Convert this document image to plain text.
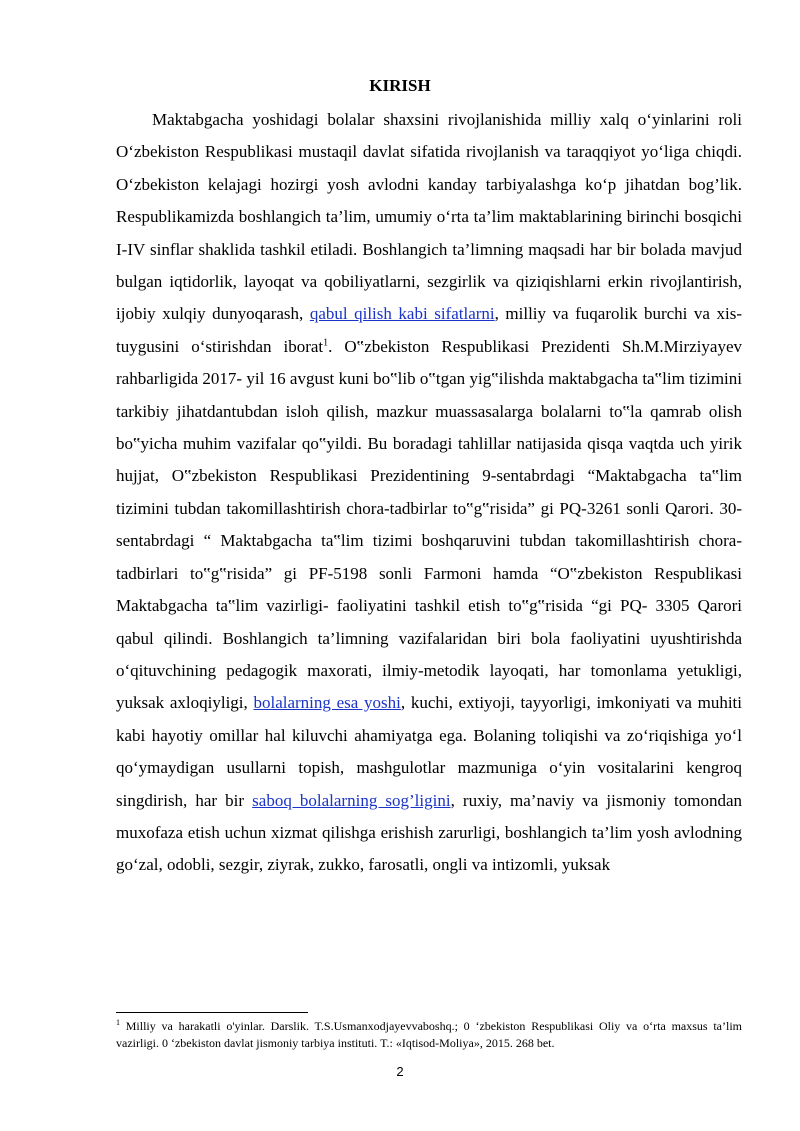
KIRISH

Maktabgacha yoshidagi bolalar shaxsini rivojlanishida milliy xalq o‘yinlarini roli O‘zbekiston Respublikasi mustaqil davlat sifatida rivojlanish va taraqqiyot yo‘liga chiqdi. O‘zbekiston kelajagi hozirgi yosh avlodni kanday tarbiyalashga ko‘p jihatdan bog’lik. Respublikamizda boshlangich ta’lim, umumiy o‘rta ta’lim maktablarining birinchi bosqichi I-IV sinflar shaklida tashkil etiladi. Boshlangich ta’limning maqsadi har bir bolada mavjud bulgan iqtidorlik, layoqat va qobiliyatlarni, sezgirlik va qiziqishlarni erkin rivojlantirish, ijobiy xulqiy dunyoqarash, qabul qilish kabi sifatlarni, milliy va fuqarolik burchi va xis-tuygusini o‘stirishdan iborat$^1$. O‟zbekiston Respublikasi Prezidenti Sh.M.Mirziyayev rahbarligida 2017- yil 16 avgust kuni bo‟lib o‟tgan yig‟ilishda maktabgacha ta‟lim tizimini tarkibiy jihatdantubdan isloh qilish, mazkur muassasalarga bolalarni to‟la qamrab olish bo‟yicha muhim vazifalar qo‟yildi. Bu boradagi tahlillar natijasida qisqa vaqtda uch yirik hujjat, O‟zbekiston Respublikasi Prezidentining 9-sentabrdagi “Maktabgacha ta‟lim tizimini tubdan takomillashtirish chora-tadbirlar to‟g‟risida” gi PQ-3261 sonli Qarori. 30-sentabrdagi “ Maktabgacha ta‟lim tizimi boshqaruvini tubdan takomillashtirish chora-tadbirlari to‟g‟risida” gi PF-5198 sonli Farmoni hamda “O‟zbekiston Respublikasi Maktabgacha ta‟lim vazirligi- faoliyatini tashkil etish to‟g‟risida “gi PQ- 3305 Qarori qabul qilindi. Boshlangich ta’limning vazifalaridan biri bola faoliyatini uyushtirishda o‘qituvchining pedagogik maxorati, ilmiy-metodik layoqati, har tomonlama yetukligi, yuksak axloqiyligi, bolalarning esa yoshi, kuchi, extiyoji, tayyorligi, imkoniyati va muhiti kabi hayotiy omillar hal kiluvchi ahamiyatga ega. Bolaning toliqishi va zo‘riqishiga yo‘l qo‘ymaydigan usullarni topish, mashgulotlar mazmuniga o‘yin vositalarini kengroq singdirish, har bir saboq bolalarning sog’ligini, ruxiy, ma’naviy va jismoniy tomondan muxofaza etish uchun xizmat qilishga erishish zarurligi, boshlangich ta’lim yosh avlodning go‘zal, odobli, sezgir, ziyrak, zukko, farosatli, ongli va intizomli, yuksak

$^1$ Milliy va harakatli o'yinlar. Darslik. T.S.Usmanxodjayevvaboshq.; 0 ‘zbekiston Respublikasi Oliy va o‘rta maxsus ta’lim vazirligi. 0 ‘zbekiston davlat jismoniy tarbiya instituti. T.: «Iqtisod-Moliya», 2015. 268 bet.

2
